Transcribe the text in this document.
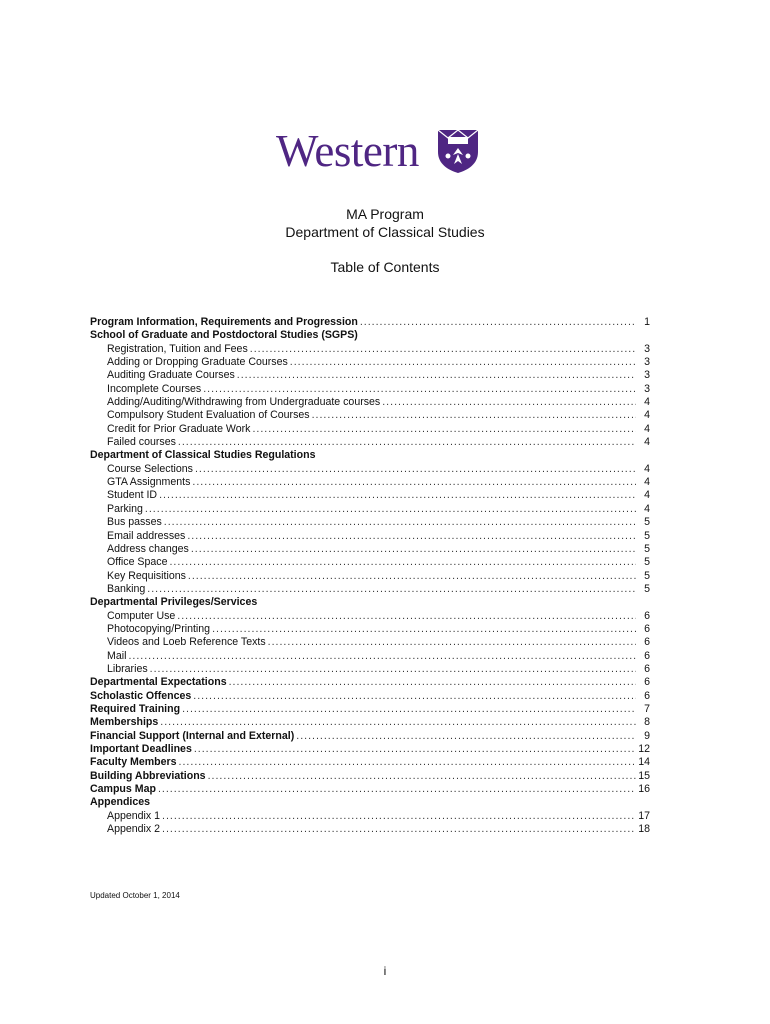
Western
MA Program
Department of Classical Studies
Table of Contents
Program Information, Requirements and Progression .....	1
School of Graduate and Postdoctoral Studies (SGPS)
Registration, Tuition and Fees .....	3
Adding or Dropping Graduate Courses .....	3
Auditing Graduate Courses .....	3
Incomplete Courses .....	3
Adding/Auditing/Withdrawing from Undergraduate courses .....	4
Compulsory Student Evaluation of Courses .....	4
Credit for Prior Graduate Work .....	4
Failed courses .....	4
Department of Classical Studies Regulations
Course Selections .....	4
GTA Assignments .....	4
Student ID .....	4
Parking .....	4
Bus passes .....	5
Email addresses .....	5
Address changes .....	5
Office Space .....	5
Key Requisitions .....	5
Banking .....	5
Departmental Privileges/Services
Computer Use .....	6
Photocopying/Printing .....	6
Videos and Loeb Reference Texts .....	6
Mail .....	6
Libraries .....	6
Departmental Expectations .....	6
Scholastic Offences .....	6
Required Training .....	7
Memberships .....	8
Financial Support (Internal and External) .....	9
Important Deadlines .....	12
Faculty Members .....	14
Building Abbreviations .....	15
Campus Map .....	16
Appendices
Appendix 1 .....	17
Appendix 2 .....	18
Updated October 1, 2014
i
